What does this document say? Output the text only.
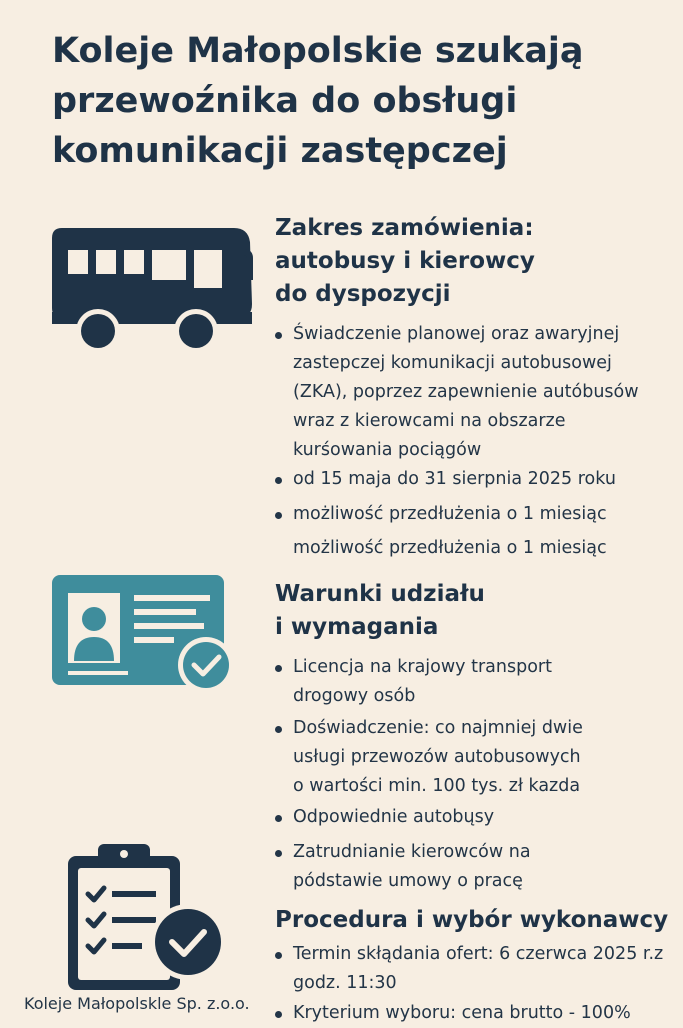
Koleje Małopolskie szukają
przewoźnika do obsługi
komunikacji zastępczej
Zakres zamówienia:
autobusy i kierowcy
do dyspozycji
Świadczenie planowej oraz awaryjnej
zastepczej komunikacji autobusowej
(ZKA), poprzez zapewnienie autóbusów
wraz z kierowcami na obszarze
kurśowania pociągów
od 15 maja do 31 sierpnia 2025 roku
możliwość przedłużenia o 1 miesiąc
możliwość przedłużenia o 1 miesiąc
Warunki udziału
i wymagania
Licencja na krajowy transport
drogowy osób
Doświadczenie: co najmniej dwie
usługi przewozów autobusowych
o wartości min. 100 tys. zł kazda
Odpowiednie autobųsy
Zatrudnianie kierowców na
pódstawie umowy o pracę
Procedura i wybór wykonawcy
Termin skłądania ofert: 6 czerwca 2025 r.z
godz. 11:30
Kryterium wyboru: cena brutto - 100%
Koleje Małopolskle Sp. z.o.o.
